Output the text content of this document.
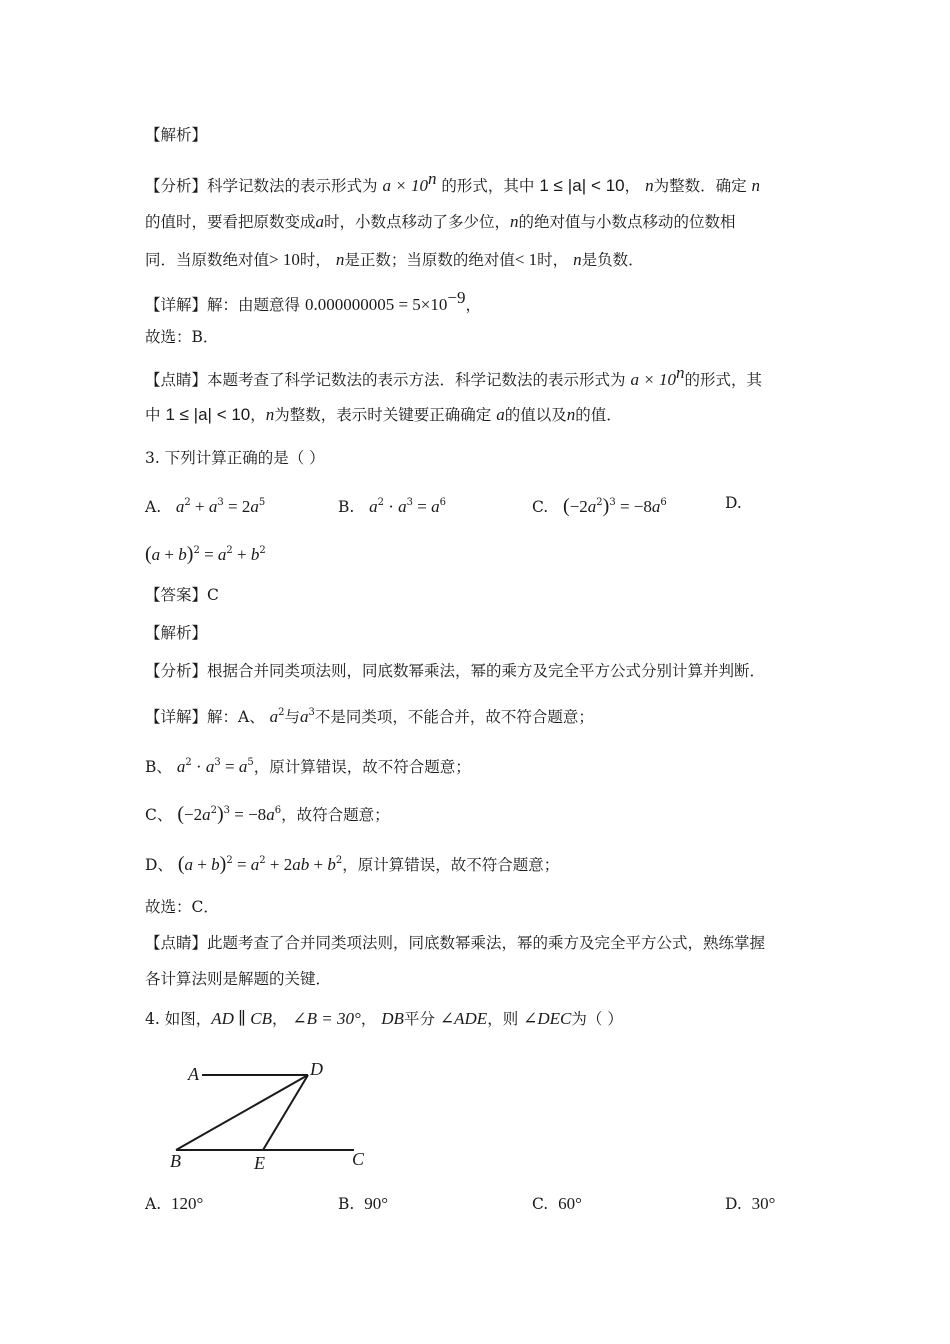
【解析】
【分析】科学记数法的表示形式为 $a \times 10^n$ 的形式，其中 1 ≤ |a| < 10， n为整数．确定 n
的值时，要看把原数变成a时，小数点移动了多少位，n的绝对值与小数点移动的位数相
同．当原数绝对值> 10时， n是正数；当原数的绝对值< 1时， n是负数．
【详解】解：由题意得 $0.000000005 = 5\times 10^{-9}$，
故选：B．
【点睛】本题考查了科学记数法的表示方法．科学记数法的表示形式为 $a \times 10^n$的形式，其
中 1 ≤ |a| < 10，n为整数，表示时关键要正确确定 a的值以及n的值．
3. 下列计算正确的是（ ）
A. $a^2 + a^3 = 2a^5$	B. $a^2 \cdot a^3 = a^6$	C. $(-2a^2)^3 = -8a^6$	D.
$(a + b)^2 = a^2 + b^2$
【答案】C
【解析】
【分析】根据合并同类项法则，同底数幂乘法，幂的乘方及完全平方公式分别计算并判断．
【详解】解：A、 $a^2$与$a^3$不是同类项，不能合并，故不符合题意；
B、 $a^2 \cdot a^3 = a^5$，原计算错误，故不符合题意；
C、 $(-2a^2)^3 = -8a^6$，故符合题意；
D、 $(a + b)^2 = a^2 + 2ab + b^2$，原计算错误，故不符合题意；
故选：C．
【点睛】此题考查了合并同类项法则，同底数幂乘法，幂的乘方及完全平方公式，熟练掌握
各计算法则是解题的关键．
4. 如图，AD ∥ CB， ∠B = 30°， DB平分 ∠ADE，则 ∠DEC为（ ）
A	D
B	E	C
A. 120°	B. 90°	C. 60°	D. 30°
